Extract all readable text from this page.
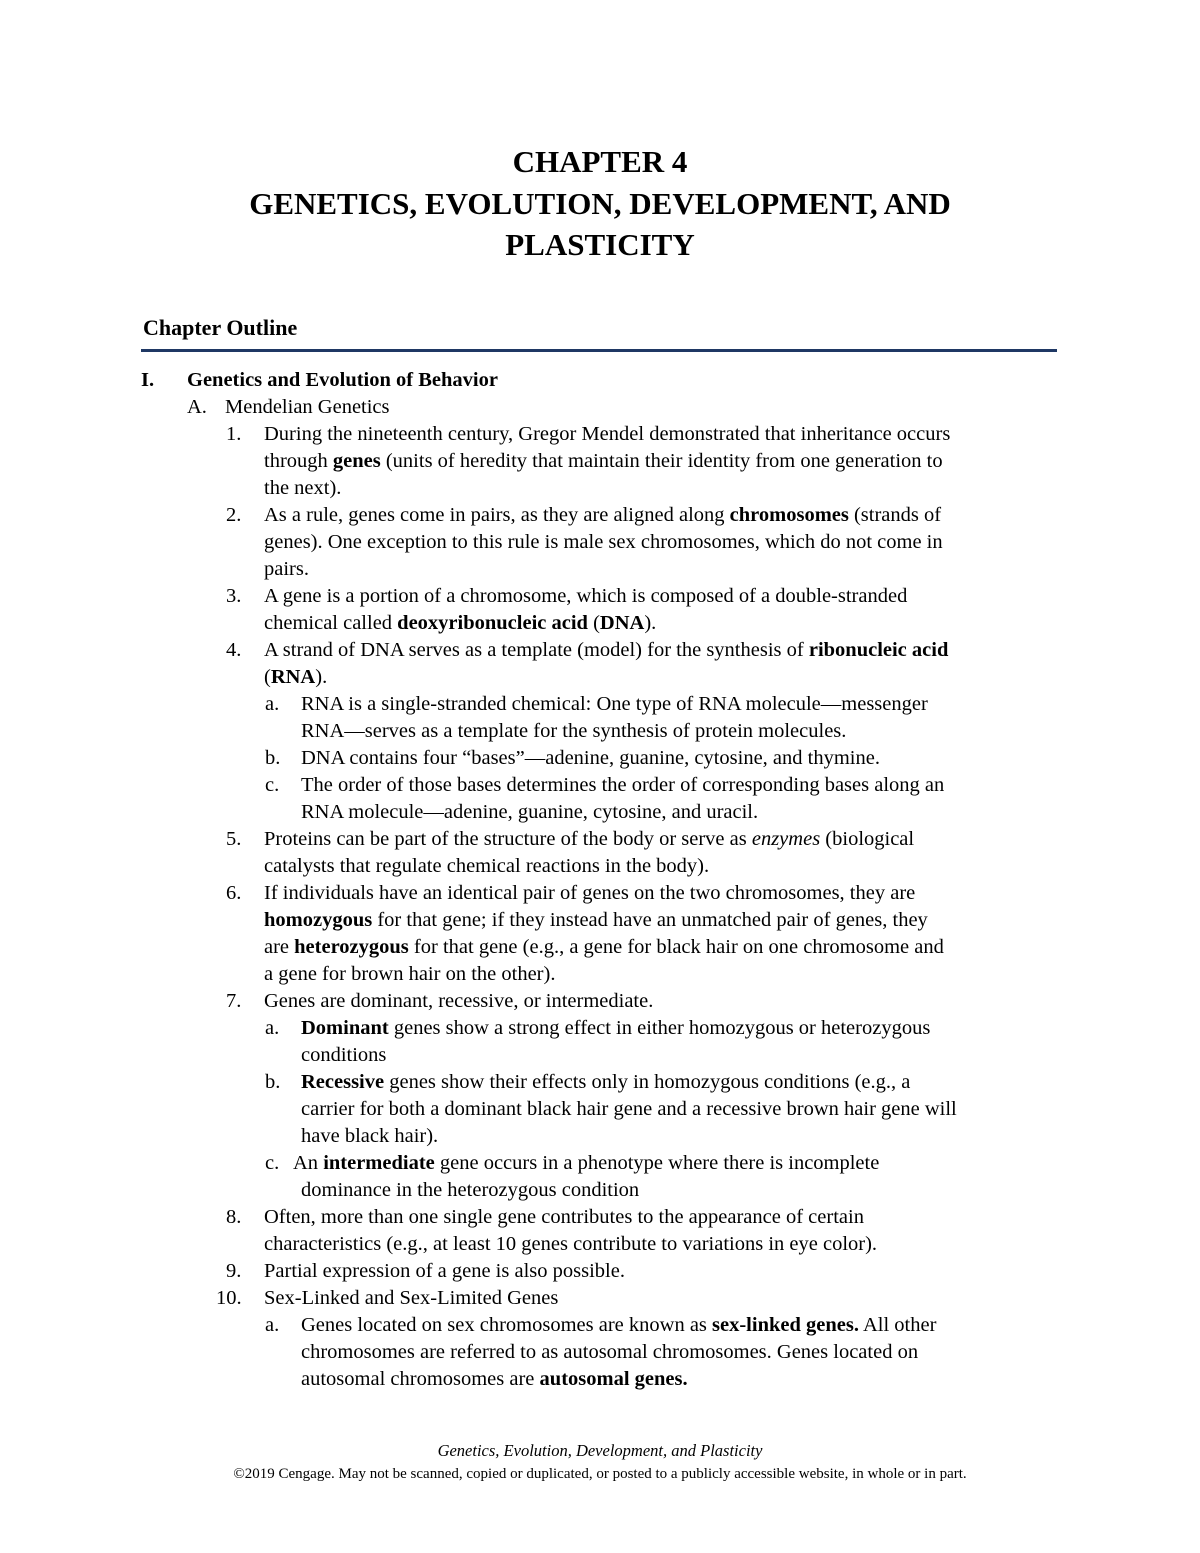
CHAPTER 4
GENETICS, EVOLUTION, DEVELOPMENT, AND
PLASTICITY
Chapter Outline
I. Genetics and Evolution of Behavior
A. Mendelian Genetics
1. During the nineteenth century, Gregor Mendel demonstrated that inheritance occurs
through genes (units of heredity that maintain their identity from one generation to
the next).
2. As a rule, genes come in pairs, as they are aligned along chromosomes (strands of
genes). One exception to this rule is male sex chromosomes, which do not come in
pairs.
3. A gene is a portion of a chromosome, which is composed of a double-stranded
chemical called deoxyribonucleic acid (DNA).
4. A strand of DNA serves as a template (model) for the synthesis of ribonucleic acid
(RNA).
a. RNA is a single-stranded chemical: One type of RNA molecule—messenger
RNA—serves as a template for the synthesis of protein molecules.
b. DNA contains four “bases”—adenine, guanine, cytosine, and thymine.
c. The order of those bases determines the order of corresponding bases along an
RNA molecule—adenine, guanine, cytosine, and uracil.
5. Proteins can be part of the structure of the body or serve as enzymes (biological
catalysts that regulate chemical reactions in the body).
6. If individuals have an identical pair of genes on the two chromosomes, they are
homozygous for that gene; if they instead have an unmatched pair of genes, they
are heterozygous for that gene (e.g., a gene for black hair on one chromosome and
a gene for brown hair on the other).
7. Genes are dominant, recessive, or intermediate.
a. Dominant genes show a strong effect in either homozygous or heterozygous
conditions
b. Recessive genes show their effects only in homozygous conditions (e.g., a
carrier for both a dominant black hair gene and a recessive brown hair gene will
have black hair).
c. An intermediate gene occurs in a phenotype where there is incomplete
dominance in the heterozygous condition
8. Often, more than one single gene contributes to the appearance of certain
characteristics (e.g., at least 10 genes contribute to variations in eye color).
9. Partial expression of a gene is also possible.
10. Sex-Linked and Sex-Limited Genes
a. Genes located on sex chromosomes are known as sex-linked genes. All other
chromosomes are referred to as autosomal chromosomes. Genes located on
autosomal chromosomes are autosomal genes.
Genetics, Evolution, Development, and Plasticity
©2019 Cengage. May not be scanned, copied or duplicated, or posted to a publicly accessible website, in whole or in part.
